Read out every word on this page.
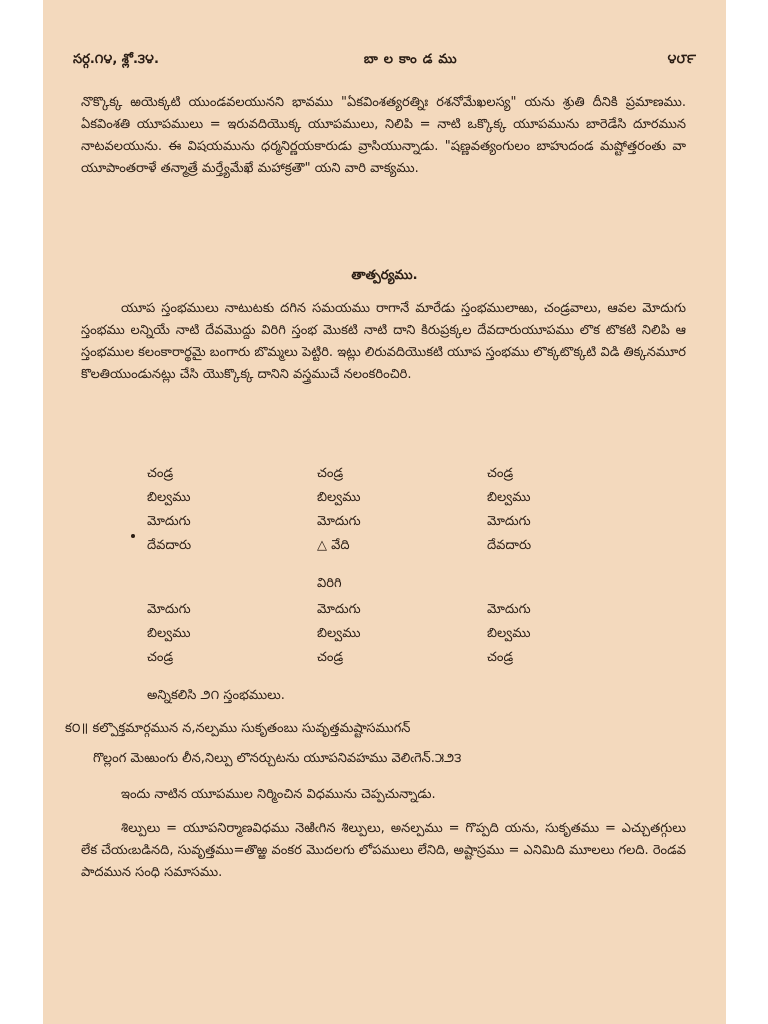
సర్గ.౧౪, శ్లో.౩౪.	బాలకాండము	౪౮౯
నొక్కొక్క ఱయెక్కటి యుండవలయునని భావము "ఏకవింశత్యరత్నిః రశనోమేఖలస్య" యను శ్రుతి దీనికి ప్రమాణము. ఏకవింశతి యూపములు = ఇరువదియొక్క యూపములు, నిలిపి = నాటి ఒక్కొక్క యూపమును బారెడేసి దూరమున నాటవలయును. ఈ విషయమును ధర్మనిర్ణయకారుడు వ్రాసియున్నాడు. "షణ్ణవత్యంగులం బాహుదండ మష్టోత్తరంతు వా యూపాంతరాళే తన్మాత్రే మర్త్యేమేఖే మహాక్రతౌ" యని వారి వాక్యము.
తాత్పర్యము.
యూప స్తంభములు నాటుటకు దగిన సమయము రాగానే మారేడు స్తంభములాఱు, చండ్రవాలు, ఆవల మోదుగు స్తంభము లన్నియే నాటి దేవమొద్దు విరిగి స్తంభ మొకటి నాటి దాని కిరుప్రక్కల దేవదారుయూపము లొక టొకటి నిలిపి ఆ స్తంభముల కలంకారార్థమై బంగారు బొమ్మలు పెట్టిరి. ఇట్లు లిరువదియొకటి యూప స్తంభము లొక్కటొక్కటి విడి తిక్కనమూర కొలతియుండునట్లు చేసి యొక్కొక్క దానిని వస్త్రముచే నలంకరించిరి.
చండ్ర	చండ్ర	చండ్ర
బిల్వము	బిల్వము	బిల్వము
మోదుగు	మోదుగు	మోదుగు
దేవదారు	△ వేది	దేవదారు
విరిగి
మోదుగు	మోదుగు	మోదుగు
బిల్వము	బిల్వము	బిల్వము
చండ్ర	చండ్ర	చండ్ర
అన్నికలిసి ౨౧ స్తంభములు.
క౦॥ కల్పొక్తమార్గమున న,నల్పము సుకృతంబు సువృత్తమష్టాసముగన్
గొల్లంగ మెఱుంగు లీన,నిల్పు లొనర్చుటను యూపనివహము వెలిఁగెన్.౫౨౩
ఇందు నాటిన యూపముల నిర్మించిన విధమును చెప్పచున్నాడు.
శిల్పులు = యూపనిర్మాణవిధము నెఱిఁగిన శిల్పులు, అనల్పము = గొప్పది యను, సుకృతము = ఎచ్చుతగ్గులు లేక చేయఁబడినది, సువృత్తము=తొఱ్ఱ వంకర మొదలగు లోపములు లేనిది, అష్టాస్రము = ఎనిమిది మూలలు గలది. రెండవ పాదమున సంధి సమాసము.
